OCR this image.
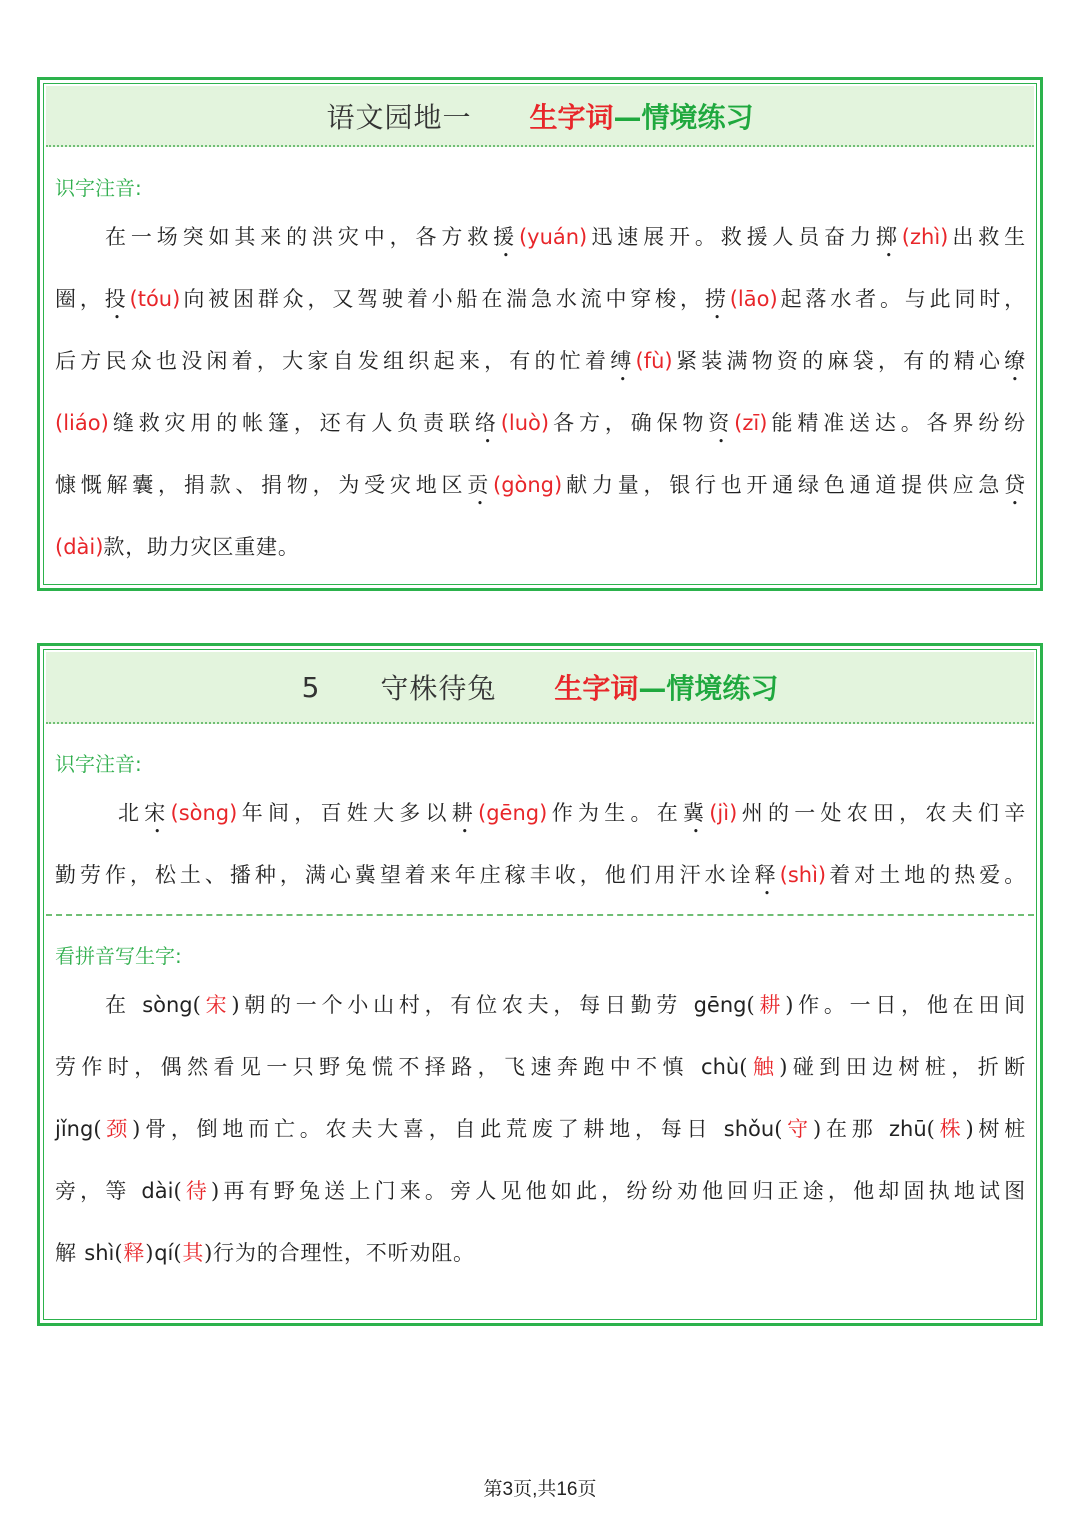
语文园地一 生字词 —情境练习
识字注音:
在一场突如其来的洪灾中，各方救援(yuán)迅速展开。救援人员奋力掷(zhì)出救生
圈，投(tóu)向被困群众，又驾驶着小船在湍急水流中穿梭，捞(lāo)起落水者。与此同时，
后方民众也没闲着，大家自发组织起来，有的忙着缚(fù)紧装满物资的麻袋，有的精心缭
(liáo)缝救灾用的帐篷，还有人负责联络(luò)各方，确保物资(zī)能精准送达。各界纷纷
慷慨解囊，捐款、捐物，为受灾地区贡(gòng)献力量，银行也开通绿色通道提供应急贷
(dài)款，助力灾区重建。
5 守株待兔 生字词 —情境练习
识字注音:
北宋(sòng)年间，百姓大多以耕(gēng)作为生。在冀(jì)州的一处农田，农夫们辛
勤劳作，松土、播种，满心冀望着来年庄稼丰收，他们用汗水诠释(shì)着对土地的热爱。
看拼音写生字:
在 sòng(宋)朝的一个小山村，有位农夫，每日勤劳 gēng(耕)作。一日，他在田间
劳作时，偶然看见一只野兔慌不择路，飞速奔跑中不慎 chù(触)碰到田边树桩，折断
jǐng(颈)骨，倒地而亡。农夫大喜，自此荒废了耕地，每日 shǒu(守)在那 zhū(株)树桩
旁，等 dài(待)再有野兔送上门来。旁人见他如此，纷纷劝他回归正途，他却固执地试图
解 shì(释)qí(其)行为的合理性，不听劝阻。
第3页,共16页
